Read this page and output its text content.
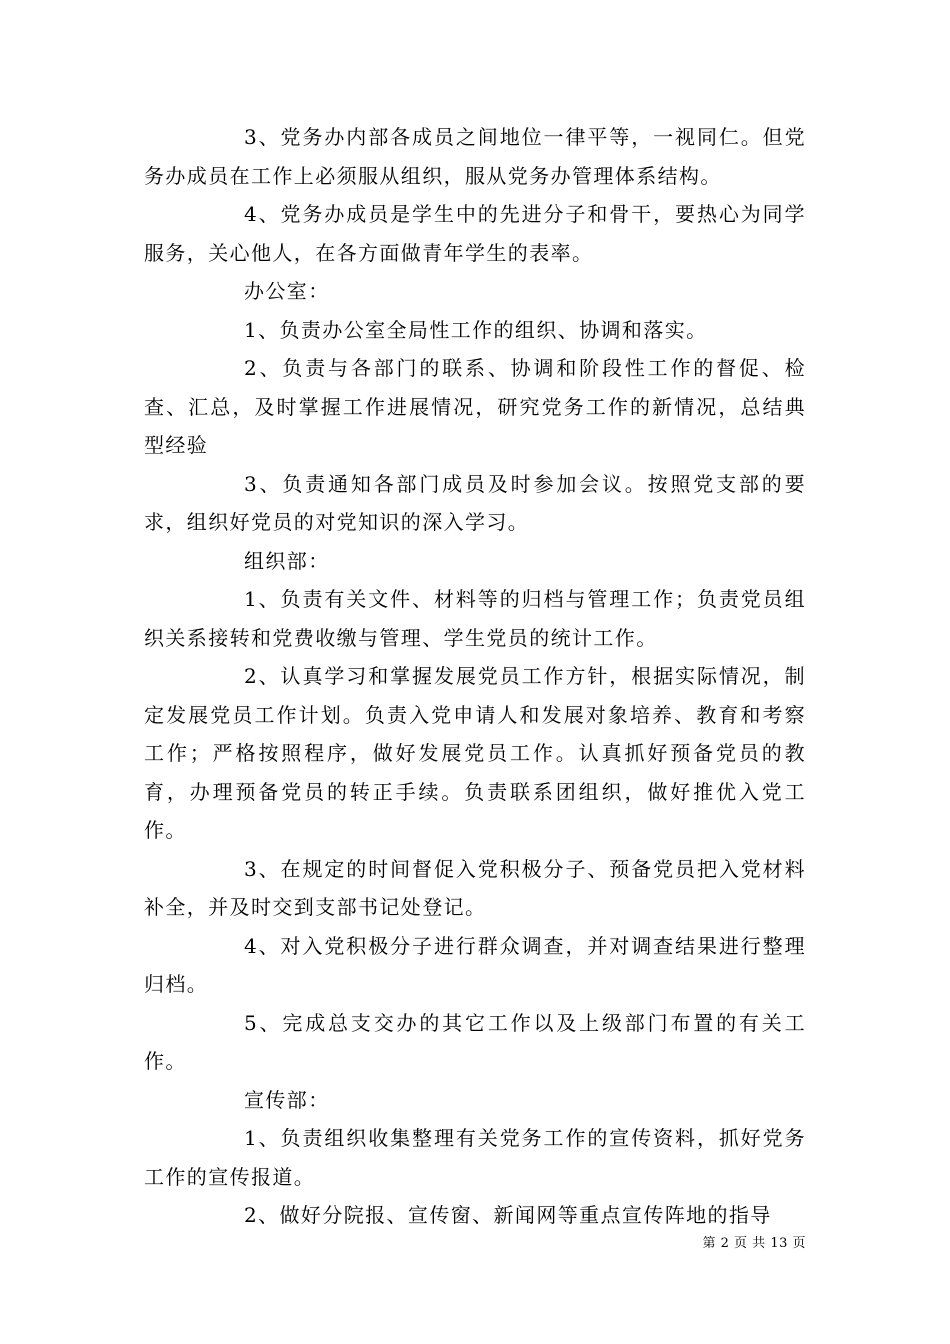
3、党务办内部各成员之间地位一律平等，一视同仁。但党务办成员在工作上必须服从组织，服从党务办管理体系结构。

4、党务办成员是学生中的先进分子和骨干，要热心为同学服务，关心他人，在各方面做青年学生的表率。

办公室：

1、负责办公室全局性工作的组织、协调和落实。

2、负责与各部门的联系、协调和阶段性工作的督促、检查、汇总，及时掌握工作进展情况，研究党务工作的新情况，总结典型经验

3、负责通知各部门成员及时参加会议。按照党支部的要求，组织好党员的对党知识的深入学习。

组织部：

1、负责有关文件、材料等的归档与管理工作；负责党员组织关系接转和党费收缴与管理、学生党员的统计工作。

2、认真学习和掌握发展党员工作方针，根据实际情况，制定发展党员工作计划。负责入党申请人和发展对象培养、教育和考察工作；严格按照程序，做好发展党员工作。认真抓好预备党员的教育，办理预备党员的转正手续。负责联系团组织，做好推优入党工作。

3、在规定的时间督促入党积极分子、预备党员把入党材料补全，并及时交到支部书记处登记。

4、对入党积极分子进行群众调查，并对调查结果进行整理归档。

5、完成总支交办的其它工作以及上级部门布置的有关工作。

宣传部：

1、负责组织收集整理有关党务工作的宣传资料，抓好党务工作的宣传报道。

2、做好分院报、宣传窗、新闻网等重点宣传阵地的指导

第 2 页 共 13 页
